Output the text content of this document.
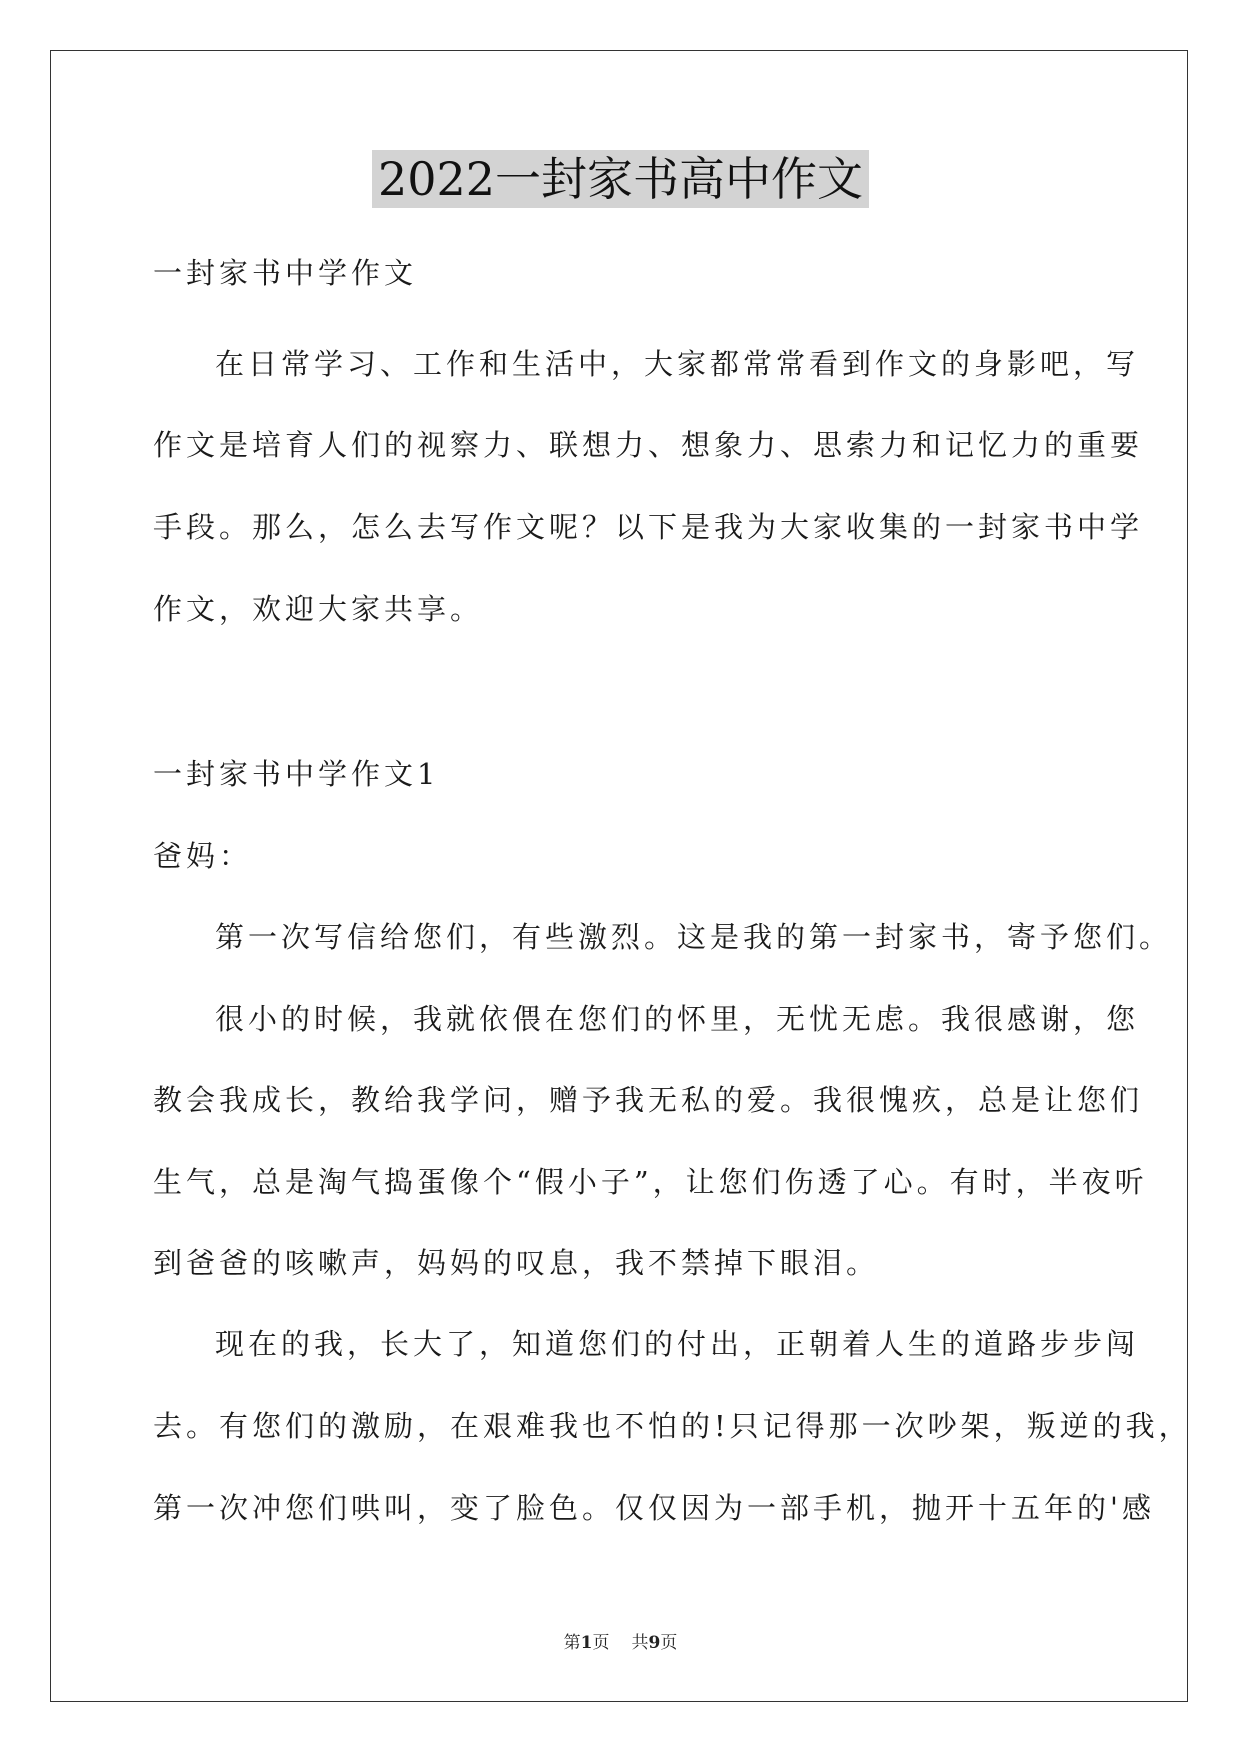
2022一封家书高中作文
一封家书中学作文
在日常学习、工作和生活中，大家都常常看到作文的身影吧，写
作文是培育人们的视察力、联想力、想象力、思索力和记忆力的重要
手段。那么，怎么去写作文呢？以下是我为大家收集的一封家书中学
作文，欢迎大家共享。
一封家书中学作文1
爸妈：
第一次写信给您们，有些激烈。这是我的第一封家书，寄予您们。
很小的时候，我就依偎在您们的怀里，无忧无虑。我很感谢，您
教会我成长，教给我学问，赠予我无私的爱。我很愧疚，总是让您们
生气，总是淘气捣蛋像个“假小子”，让您们伤透了心。有时，半夜听
到爸爸的咳嗽声，妈妈的叹息，我不禁掉下眼泪。
现在的我，长大了，知道您们的付出，正朝着人生的道路步步闯
去。有您们的激励，在艰难我也不怕的!只记得那一次吵架，叛逆的我，
第一次冲您们哄叫，变了脸色。仅仅因为一部手机，抛开十五年的'感
第1页 共9页
